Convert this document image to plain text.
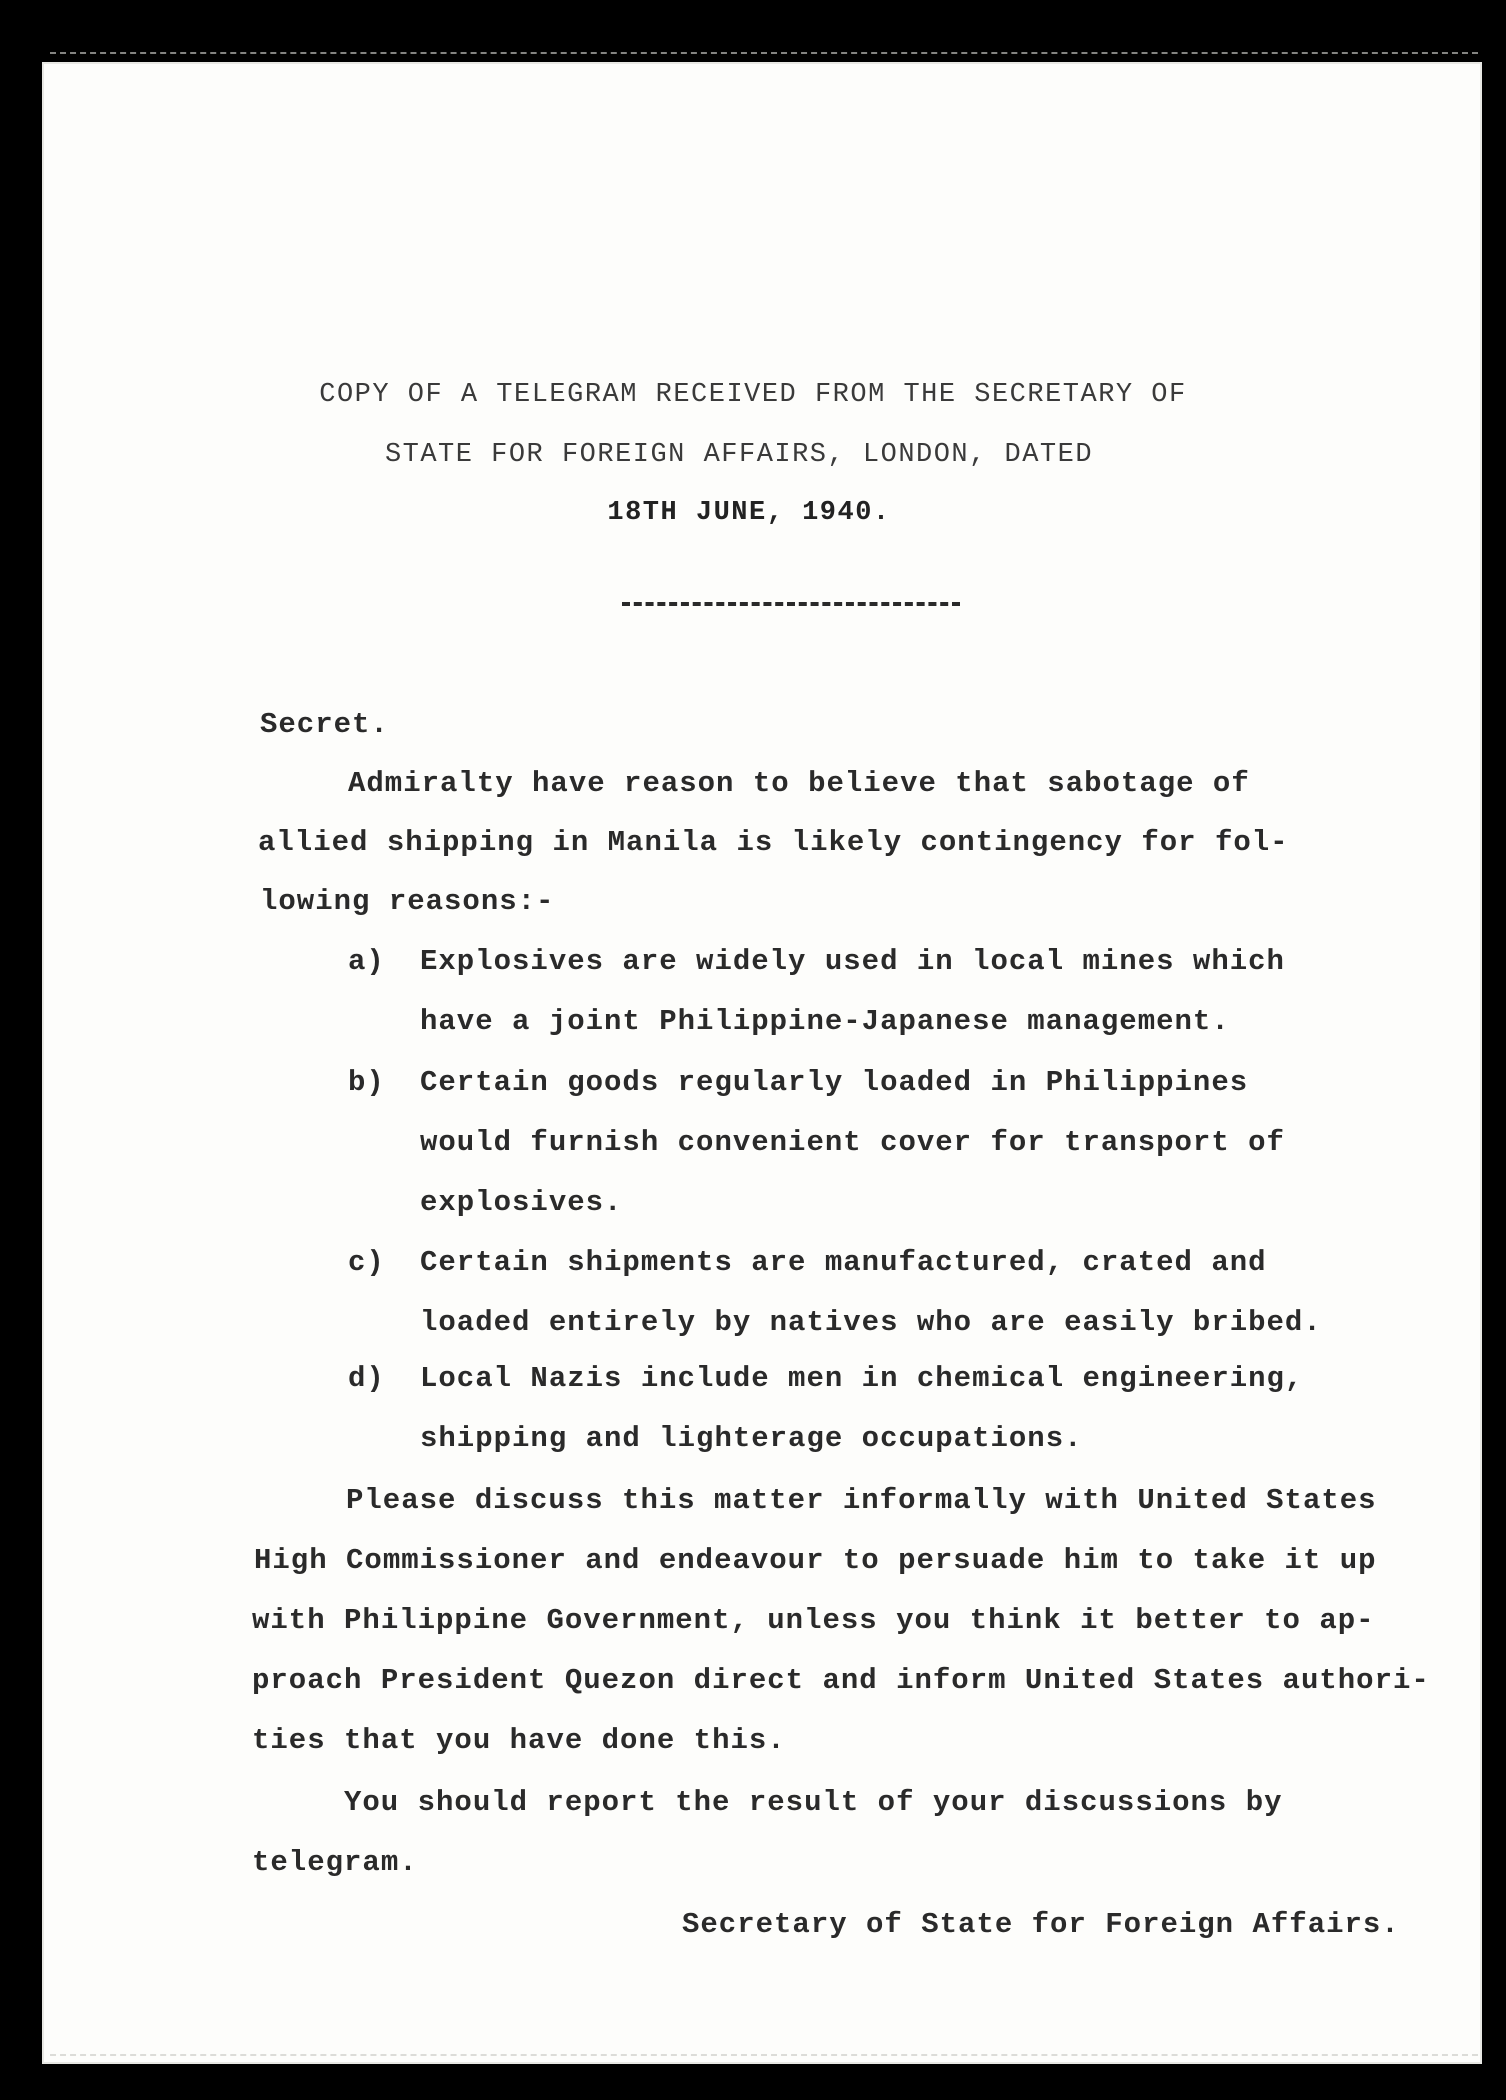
COPY OF A TELEGRAM RECEIVED FROM THE SECRETARY OF
STATE FOR FOREIGN AFFAIRS, LONDON, DATED
18TH JUNE, 1940.
Secret.
Admiralty have reason to believe that sabotage of
allied shipping in Manila is likely contingency for fol-
lowing reasons:-
a) Explosives are widely used in local mines which
have a joint Philippine-Japanese management.
b) Certain goods regularly loaded in Philippines
would furnish convenient cover for transport of
explosives.
c) Certain shipments are manufactured, crated and
loaded entirely by natives who are easily bribed.
d) Local Nazis include men in chemical engineering,
shipping and lighterage occupations.
Please discuss this matter informally with United States
High Commissioner and endeavour to persuade him to take it up
with Philippine Government, unless you think it better to ap-
proach President Quezon direct and inform United States authori-
ties that you have done this.
You should report the result of your discussions by
telegram.
Secretary of State for Foreign Affairs.
